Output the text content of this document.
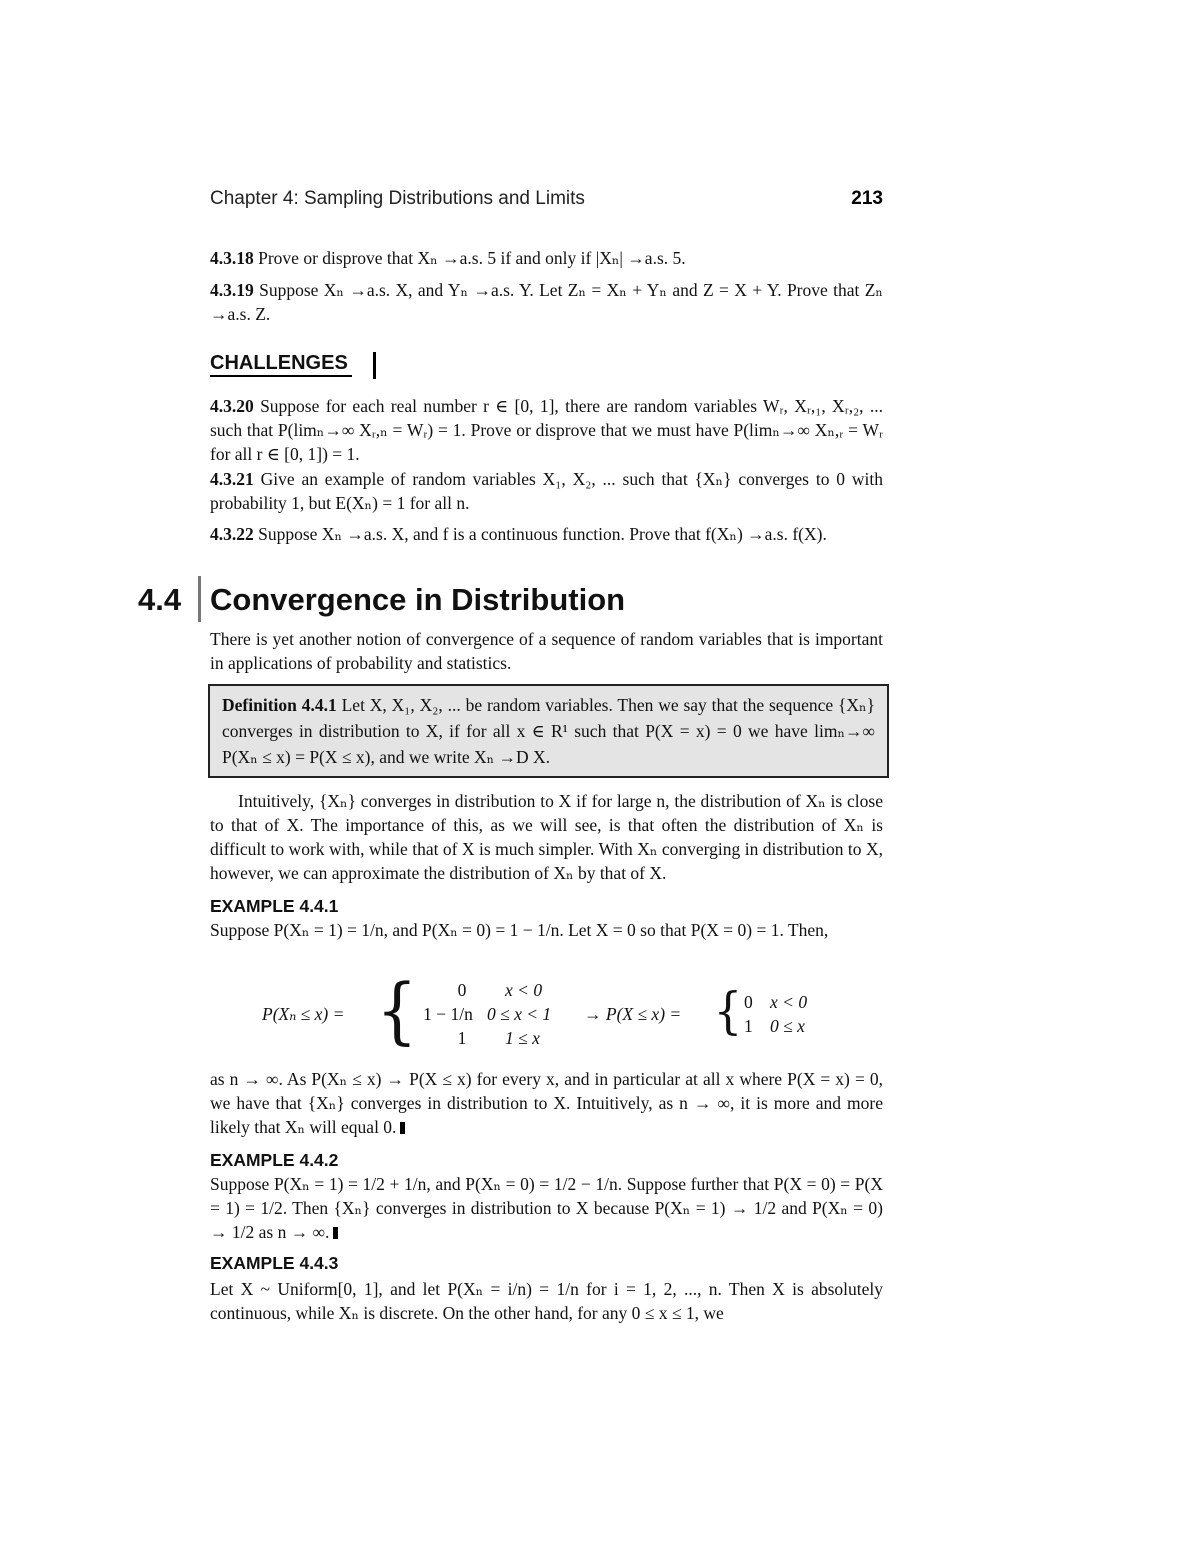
Chapter 4: Sampling Distributions and Limits	213
4.3.18 Prove or disprove that Xₙ →a.s. 5 if and only if |Xₙ| →a.s. 5.
4.3.19 Suppose Xₙ →a.s. X, and Yₙ →a.s. Y. Let Zₙ = Xₙ + Yₙ and Z = X + Y. Prove that Zₙ →a.s. Z.
CHALLENGES
4.3.20 Suppose for each real number r ∈ [0, 1], there are random variables Wᵣ, Xᵣ,₁, Xᵣ,₂, ... such that P(limₙ→∞ Xᵣ,ₙ = Wᵣ) = 1. Prove or disprove that we must have P(limₙ→∞ Xₙ,ᵣ = Wᵣ for all r ∈ [0, 1]) = 1.
4.3.21 Give an example of random variables X₁, X₂, ... such that {Xₙ} converges to 0 with probability 1, but E(Xₙ) = 1 for all n.
4.3.22 Suppose Xₙ →a.s. X, and f is a continuous function. Prove that f(Xₙ) →a.s. f(X).
4.4 Convergence in Distribution
There is yet another notion of convergence of a sequence of random variables that is important in applications of probability and statistics.
Definition 4.4.1 Let X, X₁, X₂, ... be random variables. Then we say that the sequence {Xₙ} converges in distribution to X, if for all x ∈ R¹ such that P(X = x) = 0 we have limₙ→∞ P(Xₙ ≤ x) = P(X ≤ x), and we write Xₙ →D X.
Intuitively, {Xₙ} converges in distribution to X if for large n, the distribution of Xₙ is close to that of X. The importance of this, as we will see, is that often the distribution of Xₙ is difficult to work with, while that of X is much simpler. With Xₙ converging in distribution to X, however, we can approximate the distribution of Xₙ by that of X.
EXAMPLE 4.4.1
Suppose P(Xₙ = 1) = 1/n, and P(Xₙ = 0) = 1 − 1/n. Let X = 0 so that P(X = 0) = 1. Then,
P(Xₙ ≤ x) = {	0	x < 0
1 − 1/n 0 ≤ x < 1
1	1 ≤ x
→ P(X ≤ x) = { 0 x < 0
1 0 ≤ x
as n → ∞. As P(Xₙ ≤ x) → P(X ≤ x) for every x, and in particular at all x where P(X = x) = 0, we have that {Xₙ} converges in distribution to X. Intuitively, as n → ∞, it is more and more likely that Xₙ will equal 0.
EXAMPLE 4.4.2
Suppose P(Xₙ = 1) = 1/2 + 1/n, and P(Xₙ = 0) = 1/2 − 1/n. Suppose further that P(X = 0) = P(X = 1) = 1/2. Then {Xₙ} converges in distribution to X because P(Xₙ = 1) → 1/2 and P(Xₙ = 0) → 1/2 as n → ∞.
EXAMPLE 4.4.3
Let X ~ Uniform[0, 1], and let P(Xₙ = i/n) = 1/n for i = 1, 2, ..., n. Then X is absolutely continuous, while Xₙ is discrete. On the other hand, for any 0 ≤ x ≤ 1, we
